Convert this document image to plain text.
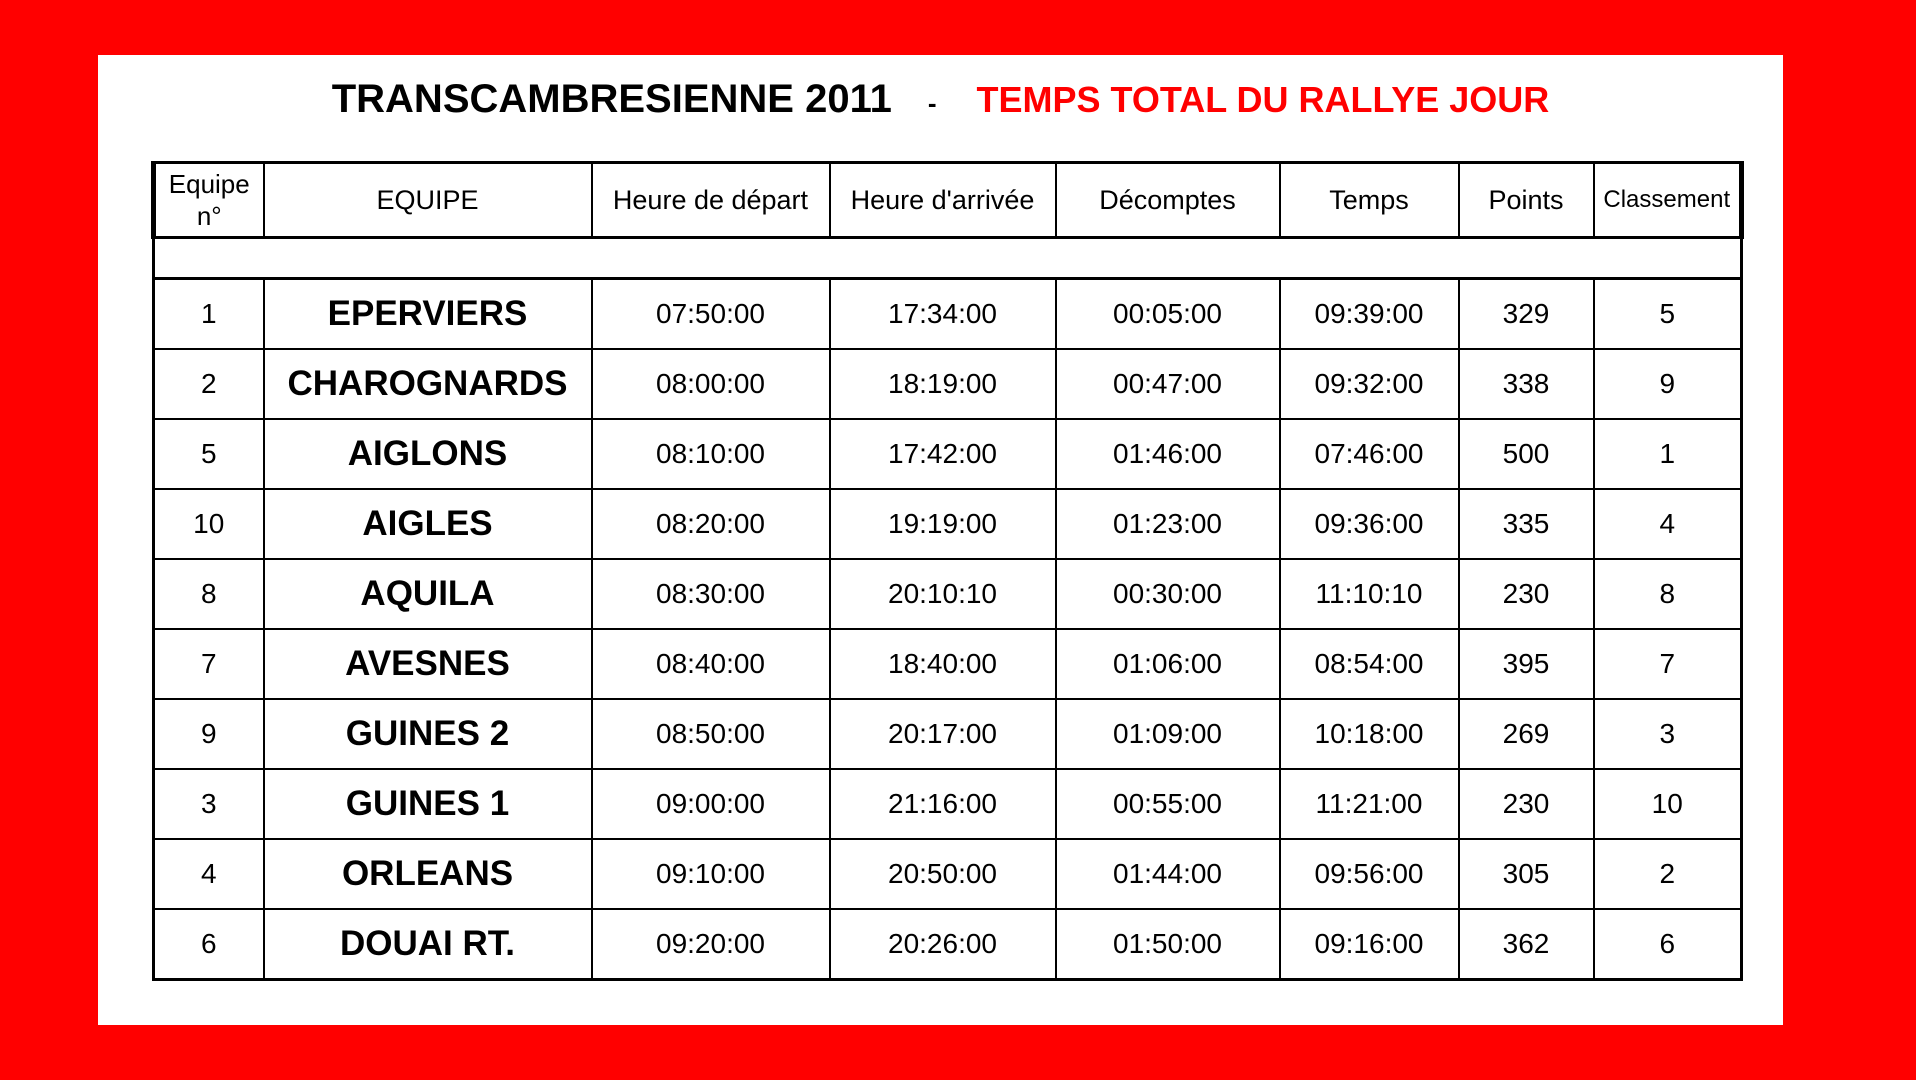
TRANSCAMBRESIENNE 2011 - TEMPS TOTAL DU RALLYE JOUR
Equipe n°	EQUIPE	Heure de départ	Heure d'arrivée	Décomptes	Temps	Points	Classement

1	EPERVIERS	07:50:00	17:34:00	00:05:00	09:39:00	329	5
2	CHAROGNARDS	08:00:00	18:19:00	00:47:00	09:32:00	338	9
5	AIGLONS	08:10:00	17:42:00	01:46:00	07:46:00	500	1
10	AIGLES	08:20:00	19:19:00	01:23:00	09:36:00	335	4
8	AQUILA	08:30:00	20:10:10	00:30:00	11:10:10	230	8
7	AVESNES	08:40:00	18:40:00	01:06:00	08:54:00	395	7
9	GUINES 2	08:50:00	20:17:00	01:09:00	10:18:00	269	3
3	GUINES 1	09:00:00	21:16:00	00:55:00	11:21:00	230	10
4	ORLEANS	09:10:00	20:50:00	01:44:00	09:56:00	305	2
6	DOUAI RT.	09:20:00	20:26:00	01:50:00	09:16:00	362	6
